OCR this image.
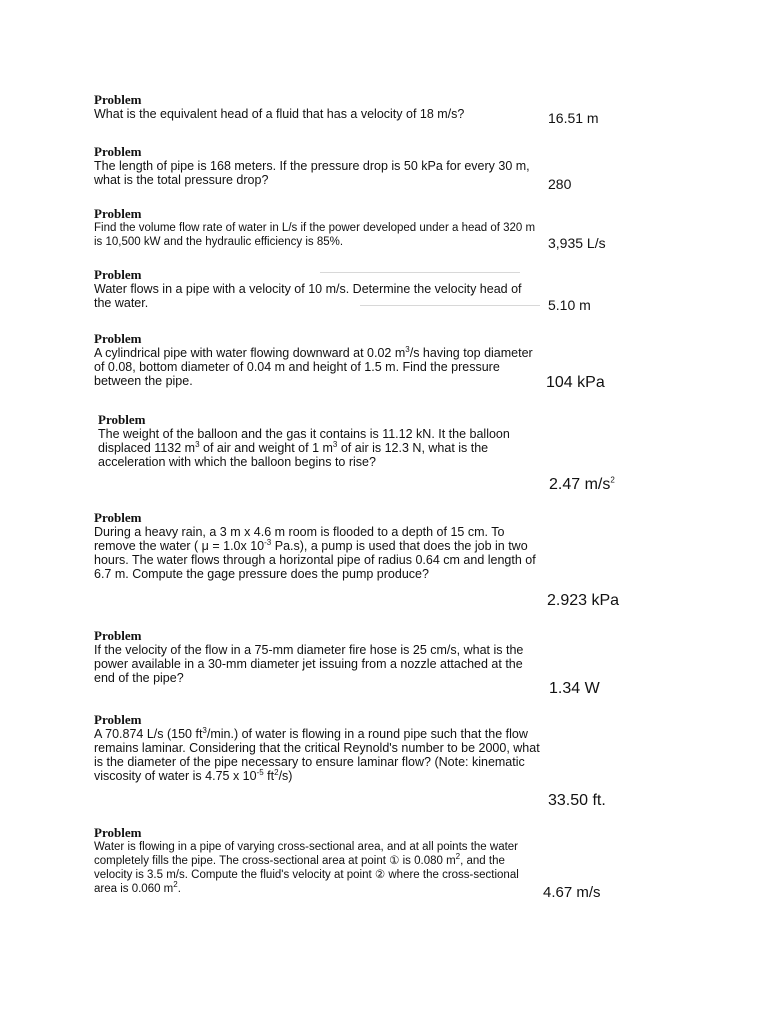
Problem
What is the equivalent head of a fluid that has a velocity of 18 m/s?	16.51 m
Problem
The length of pipe is 168 meters. If the pressure drop is 50 kPa for every 30 m, what is the total pressure drop?	280
Problem
Find the volume flow rate of water in L/s if the power developed under a head of 320 m is 10,500 kW and the hydraulic efficiency is 85%.	3,935 L/s
Problem
Water flows in a pipe with a velocity of 10 m/s. Determine the velocity head of the water.	5.10 m
Problem
A cylindrical pipe with water flowing downward at 0.02 $m^3/s$ having top diameter of 0.08, bottom diameter of 0.04 m and height of 1.5 m. Find the pressure between the pipe.	104 kPa
Problem
The weight of the balloon and the gas it contains is 11.12 kN. It the balloon displaced 1132 $m^3$ of air and weight of 1 $m^3$ of air is 12.3 N, what is the acceleration with which the balloon begins to rise?
2.47 $m/s^2$
Problem
During a heavy rain, a 3 m x 4.6 m room is flooded to a depth of 15 cm. To remove the water ( μ = 1.0x $10^{-3}$ Pa.s), a pump is used that does the job in two hours. The water flows through a horizontal pipe of radius 0.64 cm and length of 6.7 m. Compute the gage pressure does the pump produce?
2.923 kPa
Problem
If the velocity of the flow in a 75-mm diameter fire hose is 25 cm/s, what is the power available in a 30-mm diameter jet issuing from a nozzle attached at the end of the pipe?
1.34 W
Problem
A 70.874 L/s (150 $ft^3/\min$.) of water is flowing in a round pipe such that the flow remains laminar. Considering that the critical Reynold's number to be 2000, what is the diameter of the pipe necessary to ensure laminar flow? (Note: kinematic viscosity of water is 4.75 x $10^{-5}$ $ft^2/s$)
33.50 ft.
Problem
Water is flowing in a pipe of varying cross-sectional area, and at all points the water completely fills the pipe. The cross-sectional area at point ① is 0.080 $m^2$, and the velocity is 3.5 m/s. Compute the fluid's velocity at point ② where the cross-sectional area is 0.060 $m^2$.	4.67 m/s
